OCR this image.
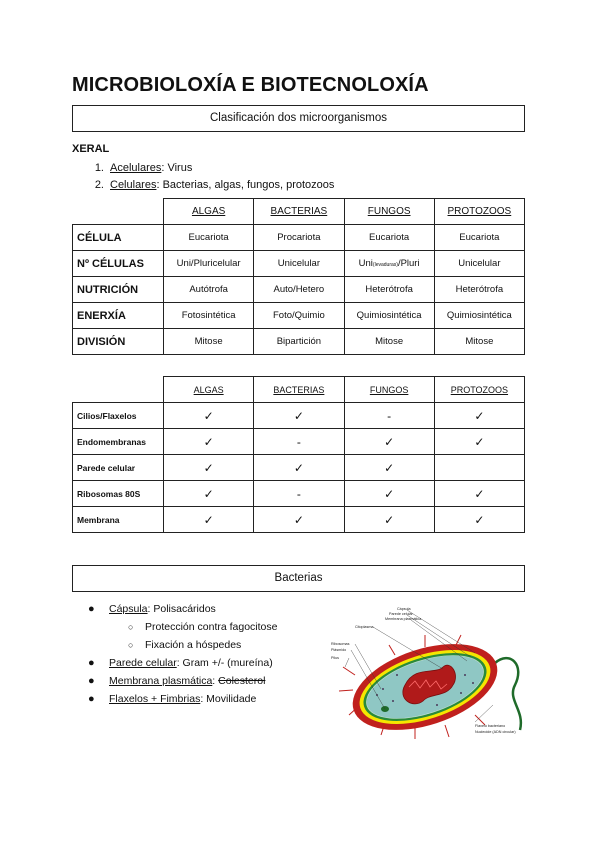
MICROBIOLOXÍA E BIOTECNOLOXÍA
Clasificación dos microorganismos
XERAL
1. Acelulares: Virus
2. Celulares: Bacterias, algas, fungos, protozoos
	ALGAS	BACTERIAS	FUNGOS	PROTOZOOS
CÉLULA	Eucariota	Procariota	Eucariota	Eucariota
Nº CÉLULAS	Uni/Pluricelular	Unicelular	Uni(levaduras)/Pluri	Unicelular
NUTRICIÓN	Autótrofa	Auto/Hetero	Heterótrofa	Heterótrofa
ENERXÍA	Fotosintética	Foto/Quimio	Quimiosintética	Quimiosintética
DIVISIÓN	Mitose	Bipartición	Mitose	Mitose
	ALGAS	BACTERIAS	FUNGOS	PROTOZOOS
Cilios/Flaxelos	✓	✓	-	✓
Endomembranas	✓	-	✓	✓
Parede celular	✓	✓	✓	
Ribosomas 80S	✓	-	✓	✓
Membrana	✓	✓	✓	✓
Bacterias
● Cápsula: Polisacáridos
○ Protección contra fagocitose
○ Fixación a hóspedes
● Parede celular: Gram +/- (mureína)
● Membrana plasmática: Colesterol
● Flaxelos + Fimbrias: Movilidade
Cápsula
Parede celular
Membrana plasmática
Citoplasma
Ribosomas
Plásmido
Pilus
Flaxelo bacteriano
Nucleoide (ADN circular)
